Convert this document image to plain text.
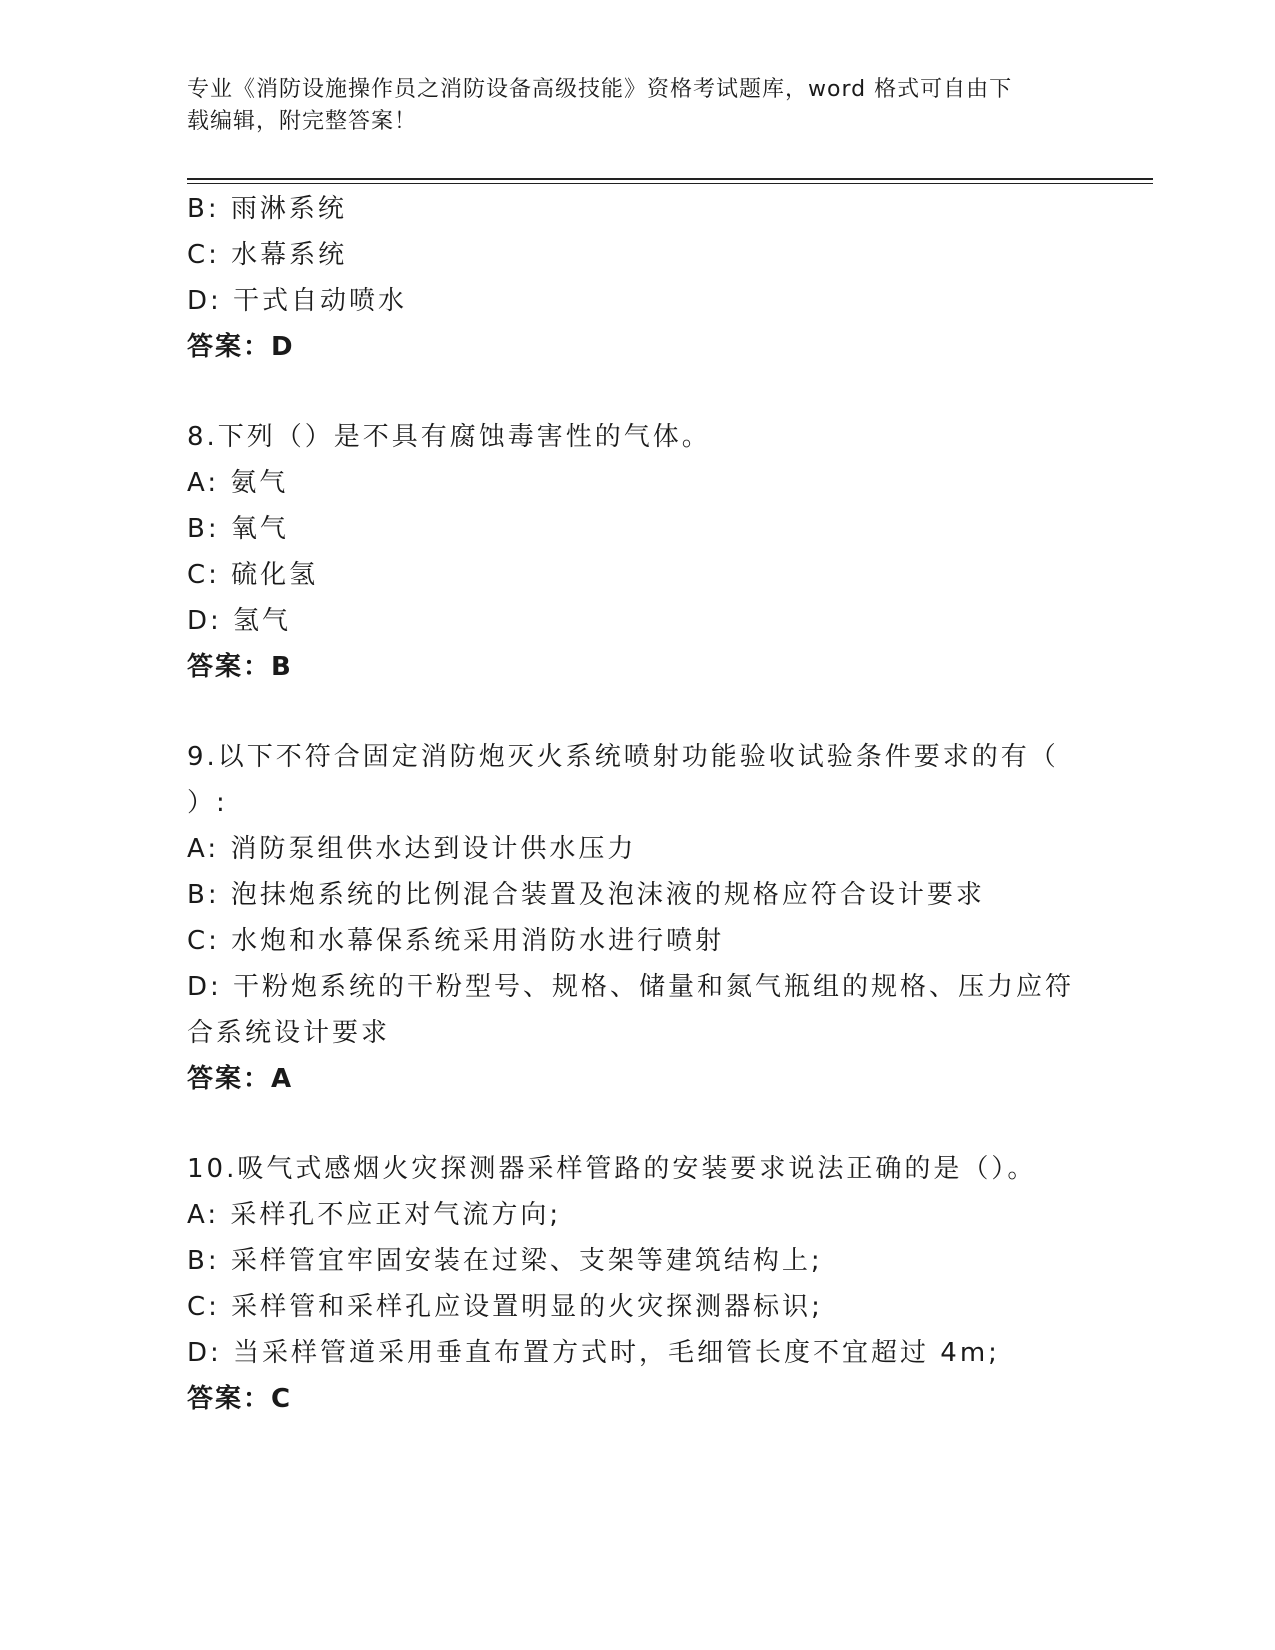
专业《消防设施操作员之消防设备高级技能》资格考试题库，word 格式可自由下
载编辑，附完整答案！
B: 雨淋系统
C: 水幕系统
D: 干式自动喷水
答案：D
8.下列（）是不具有腐蚀毒害性的气体。
A: 氨气
B: 氧气
C: 硫化氢
D: 氢气
答案：B
9.以下不符合固定消防炮灭火系统喷射功能验收试验条件要求的有（
）:
A: 消防泵组供水达到设计供水压力
B: 泡抹炮系统的比例混合装置及泡沫液的规格应符合设计要求
C: 水炮和水幕保系统采用消防水进行喷射
D: 干粉炮系统的干粉型号、规格、储量和氮气瓶组的规格、压力应符
合系统设计要求
答案：A
10.吸气式感烟火灾探测器采样管路的安装要求说法正确的是（）。
A: 采样孔不应正对气流方向;
B: 采样管宜牢固安装在过梁、支架等建筑结构上;
C: 采样管和采样孔应设置明显的火灾探测器标识;
D: 当采样管道采用垂直布置方式时，毛细管长度不宜超过 4m;
答案：C
